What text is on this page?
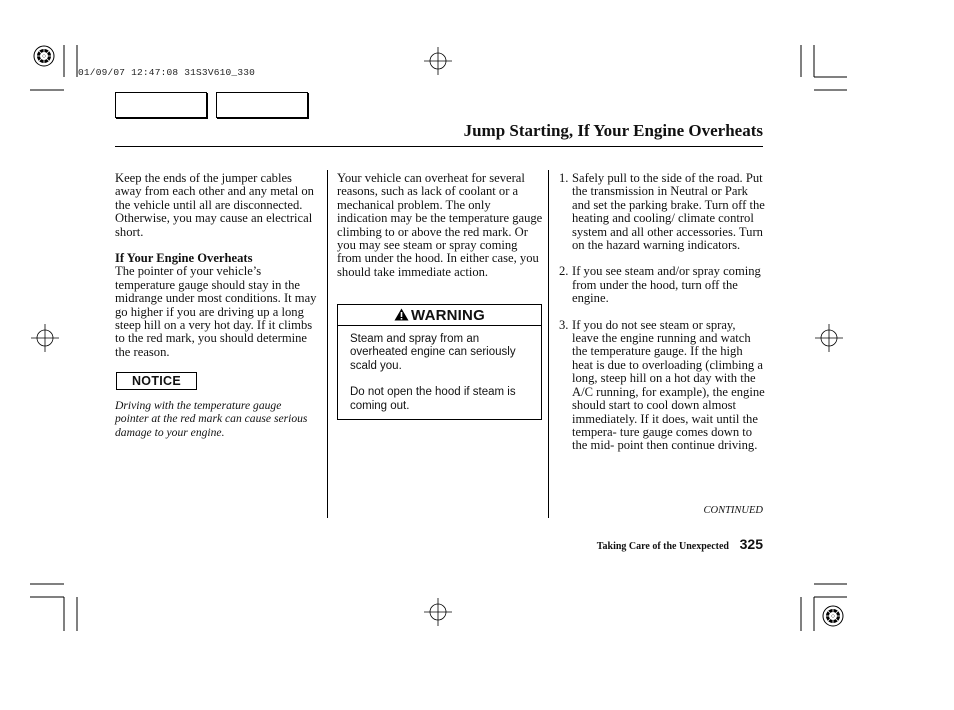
01/09/07 12:47:08 31S3V610_330
Jump Starting, If Your Engine Overheats

Keep the ends of the jumper cables away from each other and any metal on the vehicle until all are disconnected. Otherwise, you may cause an electrical short.

If Your Engine Overheats

The pointer of your vehicle’s temperature gauge should stay in the midrange under most conditions. It may go higher if you are driving up a long steep hill on a very hot day. If it climbs to the red mark, you should determine the reason.

NOTICE
Driving with the temperature gauge pointer at the red mark can cause serious damage to your engine.

Your vehicle can overheat for several reasons, such as lack of coolant or a mechanical problem. The only indication may be the temperature gauge climbing to or above the red mark. Or you may see steam or spray coming from under the hood. In either case, you should take immediate action.

WARNING

Steam and spray from an overheated engine can seriously scald you.

Do not open the hood if steam is coming out.

1. Safely pull to the side of the road. Put the transmission in Neutral or Park and set the parking brake. Turn off the heating and cooling/ climate control system and all other accessories. Turn on the hazard warning indicators.
2. If you see steam and/or spray coming from under the hood, turn off the engine.
3. If you do not see steam or spray, leave the engine running and watch the temperature gauge. If the high heat is due to overloading (climbing a long, steep hill on a hot day with the A/C running, for example), the engine should start to cool down almost immediately. If it does, wait until the tempera- ture gauge comes down to the mid- point then continue driving.
CONTINUED
Taking Care of the Unexpected 325
